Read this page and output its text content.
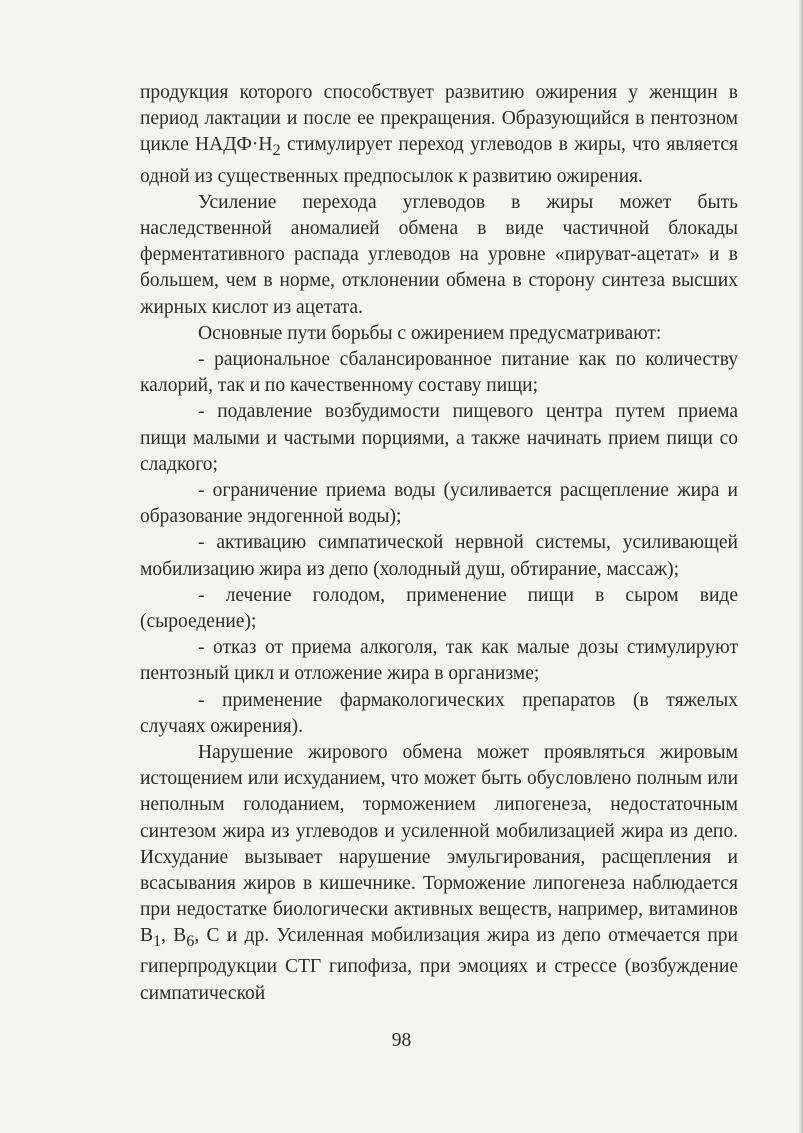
продукция которого способствует развитию ожирения у женщин в период лактации и после ее прекращения. Образующийся в пентозном цикле $НАДФ\cdot Н_2$ стимулирует переход углеводов в жиры, что является одной из существенных предпосылок к развитию ожирения.

Усиление перехода углеводов в жиры может быть наследственной аномалией обмена в виде частичной блокады ферментативного распада углеводов на уровне «пируват-ацетат» и в большем, чем в норме, отклонении обмена в сторону синтеза высших жирных кислот из ацетата.

Основные пути борьбы с ожирением предусматривают:

- рациональное сбалансированное питание как по количеству калорий, так и по качественному составу пищи;

- подавление возбудимости пищевого центра путем приема пищи малыми и частыми порциями, а также начинать прием пищи со сладкого;

- ограничение приема воды (усиливается расщепление жира и образование эндогенной воды);

- активацию симпатической нервной системы, усиливающей мобилизацию жира из депо (холодный душ, обтирание, массаж);

- лечение голодом, применение пищи в сыром виде (сыроедение);

- отказ от приема алкоголя, так как малые дозы стимулируют пентозный цикл и отложение жира в организме;

- применение фармакологических препаратов (в тяжелых случаях ожирения).

Нарушение жирового обмена может проявляться жировым истощением или исхуданием, что может быть обусловлено полным или неполным голоданием, торможением липогенеза, недостаточным синтезом жира из углеводов и усиленной мобилизацией жира из депо. Исхудание вызывает нарушение эмульгирования, расщепления и всасывания жиров в кишечнике. Торможение липогенеза наблюдается при недостатке биологически активных веществ, например, витаминов $В_1$, $В_6$, С и др. Усиленная мобилизация жира из депо отмечается при гиперпродукции СТГ гипофиза, при эмоциях и стрессе (возбуждение симпатической

98
